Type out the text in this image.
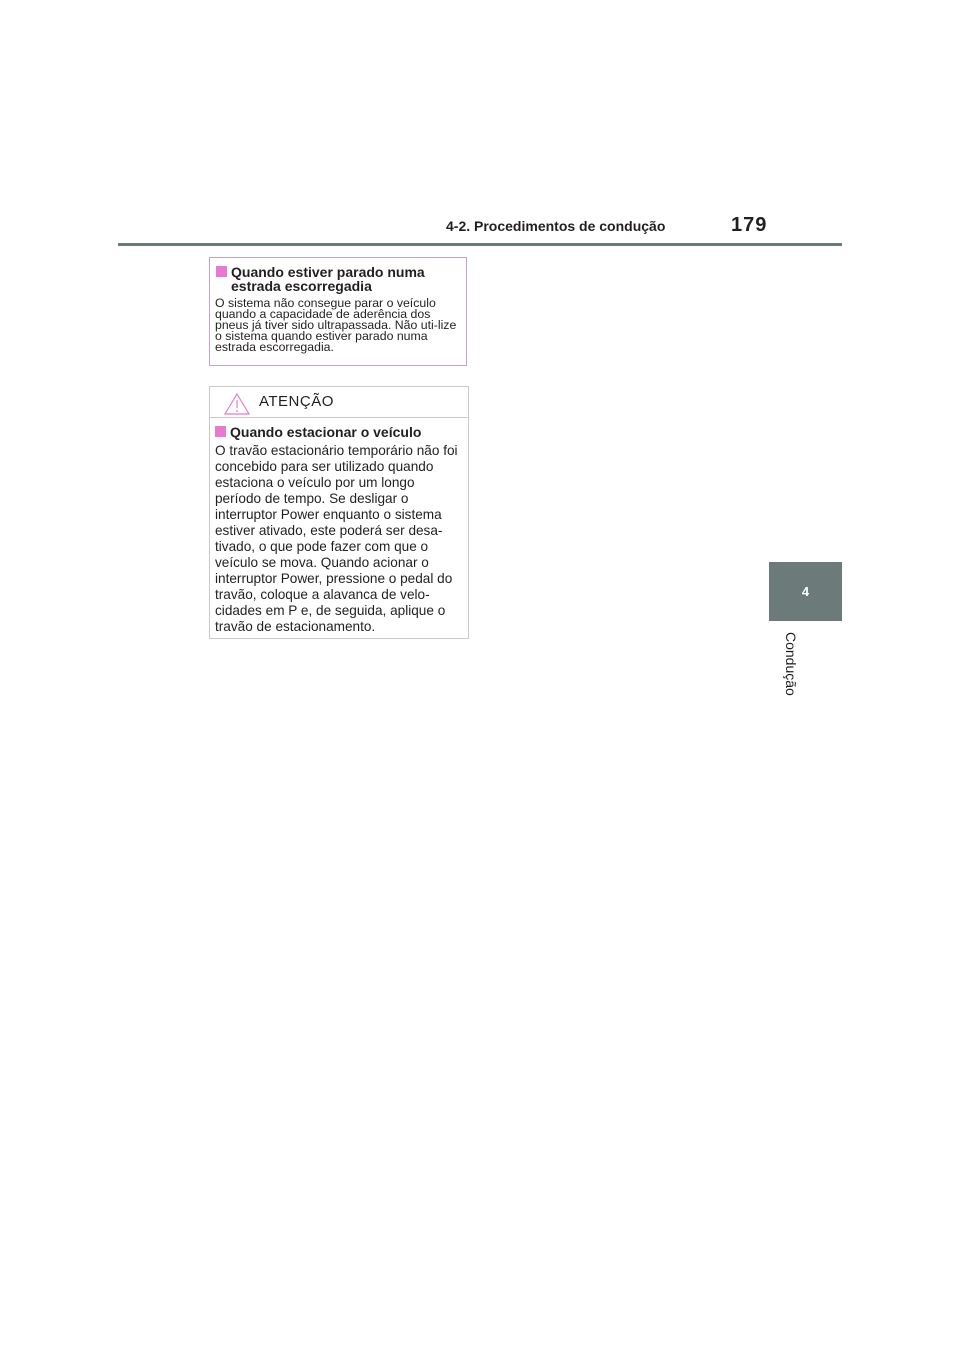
4-2. Procedimentos de condução	179
4
Condução
Quando estiver parado numa estrada escorregadia
O sistema não consegue parar o veículo quando a capacidade de aderência dos pneus já tiver sido ultrapassada. Não uti-lize o sistema quando estiver parado numa estrada escorregadia.
ATENÇÃO
Quando estacionar o veículo
O travão estacionário temporário não foi concebido para ser utilizado quando estaciona o veículo por um longo período de tempo. Se desligar o interruptor Power enquanto o sistema estiver ativado, este poderá ser desa-tivado, o que pode fazer com que o veículo se mova. Quando acionar o interruptor Power, pressione o pedal do travão, coloque a alavanca de velo-cidades em P e, de seguida, aplique o travão de estacionamento.
